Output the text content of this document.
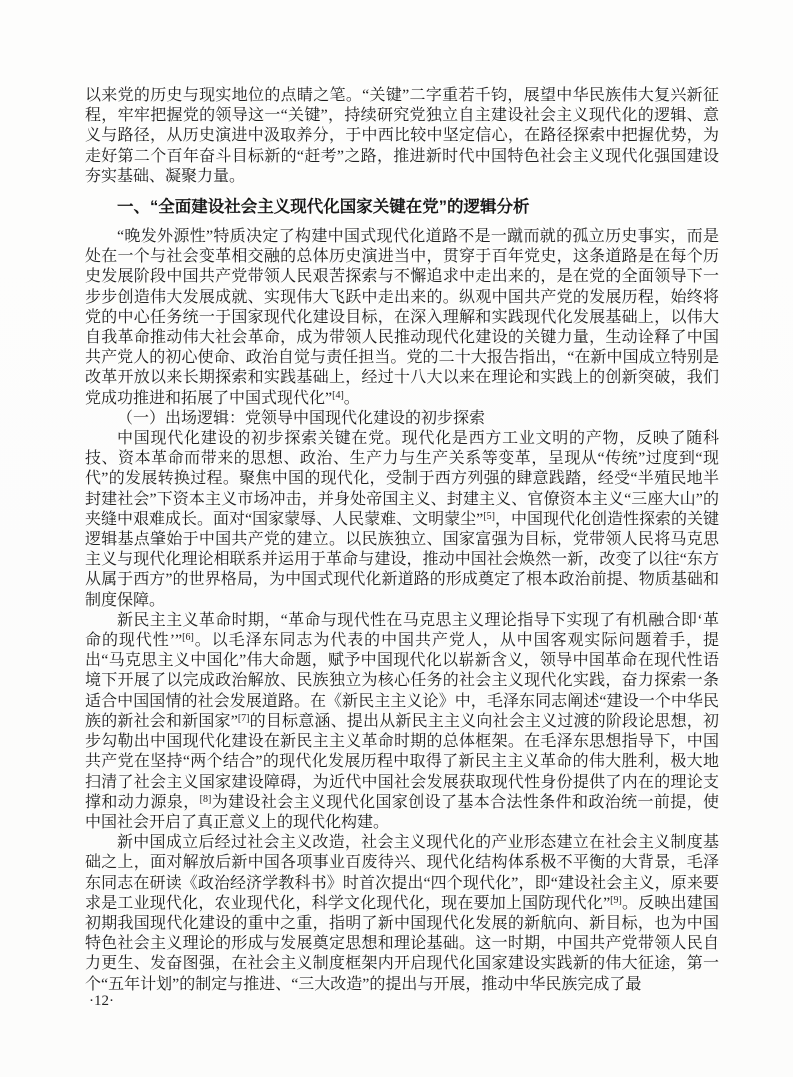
以来党的历史与现实地位的点睛之笔。“关键”二字重若千钧，展望中华民族伟大复兴新征程，牢牢把握党的领导这一“关键”，持续研究党独立自主建设社会主义现代化的逻辑、意义与路径，从历史演进中汲取养分，于中西比较中坚定信心，在路径探索中把握优势，为走好第二个百年奋斗目标新的“赶考”之路，推进新时代中国特色社会主义现代化强国建设夯实基础、凝聚力量。

一、“全面建设社会主义现代化国家关键在党”的逻辑分析

“晚发外源性”特质决定了构建中国式现代化道路不是一蹴而就的孤立历史事实，而是处在一个与社会变革相交融的总体历史演进当中，贯穿于百年党史，这条道路是在每个历史发展阶段中国共产党带领人民艰苦探索与不懈追求中走出来的，是在党的全面领导下一步步创造伟大发展成就、实现伟大飞跃中走出来的。纵观中国共产党的发展历程，始终将党的中心任务统一于国家现代化建设目标，在深入理解和实践现代化发展基础上，以伟大自我革命推动伟大社会革命，成为带领人民推动现代化建设的关键力量，生动诠释了中国共产党人的初心使命、政治自觉与责任担当。党的二十大报告指出，“在新中国成立特别是改革开放以来长期探索和实践基础上，经过十八大以来在理论和实践上的创新突破，我们党成功推进和拓展了中国式现代化”[4]。

（一）出场逻辑：党领导中国现代化建设的初步探索

中国现代化建设的初步探索关键在党。现代化是西方工业文明的产物，反映了随科技、资本革命而带来的思想、政治、生产力与生产关系等变革，呈现从“传统”过度到“现代”的发展转换过程。聚焦中国的现代化，受制于西方列强的肆意践踏，经受“半殖民地半封建社会”下资本主义市场冲击，并身处帝国主义、封建主义、官僚资本主义“三座大山”的夹缝中艰难成长。面对“国家蒙辱、人民蒙难、文明蒙尘”[5]，中国现代化创造性探索的关键逻辑基点肇始于中国共产党的建立。以民族独立、国家富强为目标，党带领人民将马克思主义与现代化理论相联系并运用于革命与建设，推动中国社会焕然一新，改变了以往“东方从属于西方”的世界格局，为中国式现代化新道路的形成奠定了根本政治前提、物质基础和制度保障。

新民主主义革命时期，“革命与现代性在马克思主义理论指导下实现了有机融合即‘革命的现代性’”[6]。以毛泽东同志为代表的中国共产党人，从中国客观实际问题着手，提出“马克思主义中国化”伟大命题，赋予中国现代化以崭新含义，领导中国革命在现代性语境下开展了以完成政治解放、民族独立为核心任务的社会主义现代化实践，奋力探索一条适合中国国情的社会发展道路。在《新民主主义论》中，毛泽东同志阐述“建设一个中华民族的新社会和新国家”[7]的目标意涵、提出从新民主主义向社会主义过渡的阶段论思想，初步勾勒出中国现代化建设在新民主主义革命时期的总体框架。在毛泽东思想指导下，中国共产党在坚持“两个结合”的现代化发展历程中取得了新民主主义革命的伟大胜利，极大地扫清了社会主义国家建设障碍，为近代中国社会发展获取现代性身份提供了内在的理论支撑和动力源泉，[8]为建设社会主义现代化国家创设了基本合法性条件和政治统一前提，使中国社会开启了真正意义上的现代化构建。

新中国成立后经过社会主义改造，社会主义现代化的产业形态建立在社会主义制度基础之上，面对解放后新中国各项事业百废待兴、现代化结构体系极不平衡的大背景，毛泽东同志在研读《政治经济学教科书》时首次提出“四个现代化”，即“建设社会主义，原来要求是工业现代化，农业现代化，科学文化现代化，现在要加上国防现代化”[9]。反映出建国初期我国现代化建设的重中之重，指明了新中国现代化发展的新航向、新目标，也为中国特色社会主义理论的形成与发展奠定思想和理论基础。这一时期，中国共产党带领人民自力更生、发奋图强，在社会主义制度框架内开启现代化国家建设实践新的伟大征途，第一个“五年计划”的制定与推进、“三大改造”的提出与开展，推动中华民族完成了最

·12·
